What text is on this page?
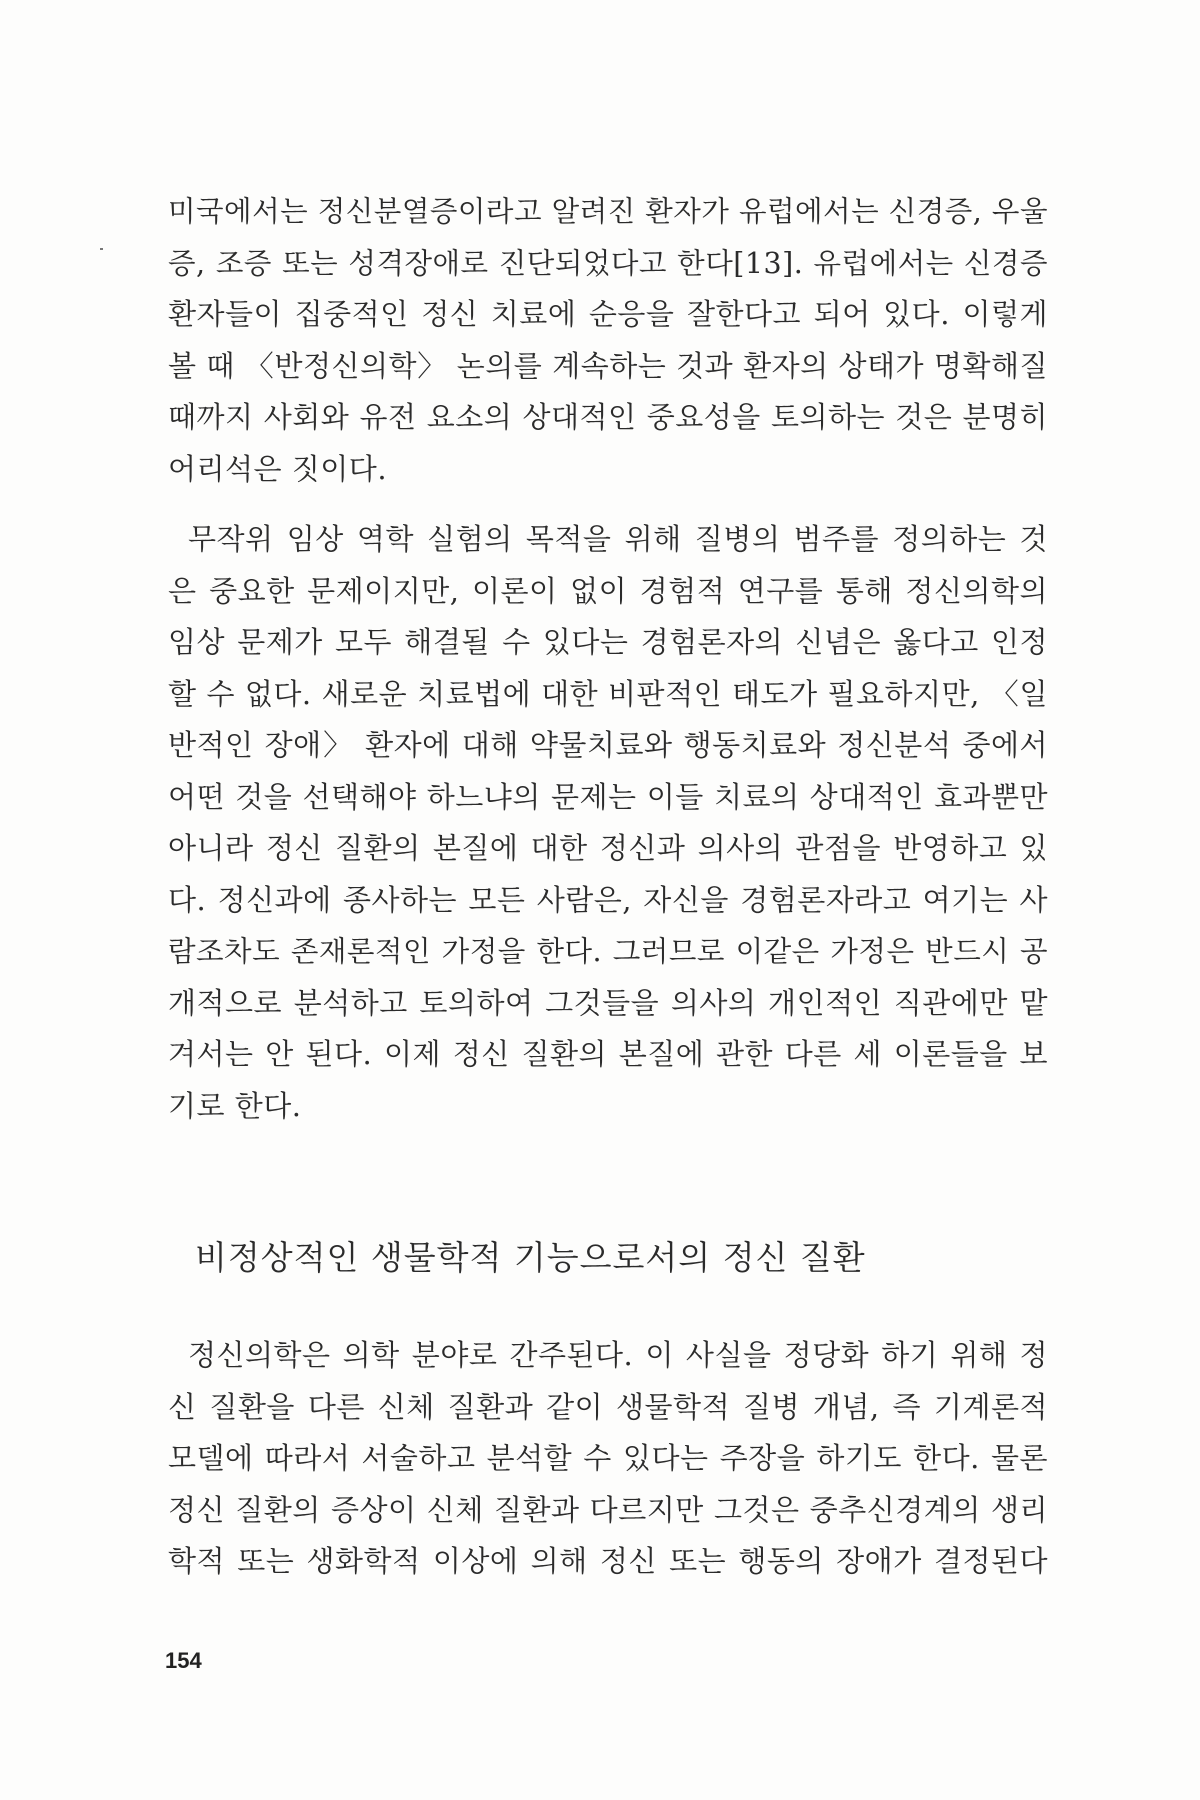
미국에서는 정신분열증이라고 알려진 환자가 유럽에서는 신경증, 우울
증, 조증 또는 성격장애로 진단되었다고 한다[13]. 유럽에서는 신경증
환자들이 집중적인 정신 치료에 순응을 잘한다고 되어 있다. 이렇게
볼 때 〈반정신의학〉 논의를 계속하는 것과 환자의 상태가 명확해질
때까지 사회와 유전 요소의 상대적인 중요성을 토의하는 것은 분명히
어리석은 짓이다.
무작위 임상 역학 실험의 목적을 위해 질병의 범주를 정의하는 것
은 중요한 문제이지만, 이론이 없이 경험적 연구를 통해 정신의학의
임상 문제가 모두 해결될 수 있다는 경험론자의 신념은 옳다고 인정
할 수 없다. 새로운 치료법에 대한 비판적인 태도가 필요하지만, 〈일
반적인 장애〉 환자에 대해 약물치료와 행동치료와 정신분석 중에서
어떤 것을 선택해야 하느냐의 문제는 이들 치료의 상대적인 효과뿐만
아니라 정신 질환의 본질에 대한 정신과 의사의 관점을 반영하고 있
다. 정신과에 종사하는 모든 사람은, 자신을 경험론자라고 여기는 사
람조차도 존재론적인 가정을 한다. 그러므로 이같은 가정은 반드시 공
개적으로 분석하고 토의하여 그것들을 의사의 개인적인 직관에만 맡
겨서는 안 된다. 이제 정신 질환의 본질에 관한 다른 세 이론들을 보
기로 한다.
비정상적인 생물학적 기능으로서의 정신 질환
정신의학은 의학 분야로 간주된다. 이 사실을 정당화 하기 위해 정
신 질환을 다른 신체 질환과 같이 생물학적 질병 개념, 즉 기계론적
모델에 따라서 서술하고 분석할 수 있다는 주장을 하기도 한다. 물론
정신 질환의 증상이 신체 질환과 다르지만 그것은 중추신경계의 생리
학적 또는 생화학적 이상에 의해 정신 또는 행동의 장애가 결정된다
154
